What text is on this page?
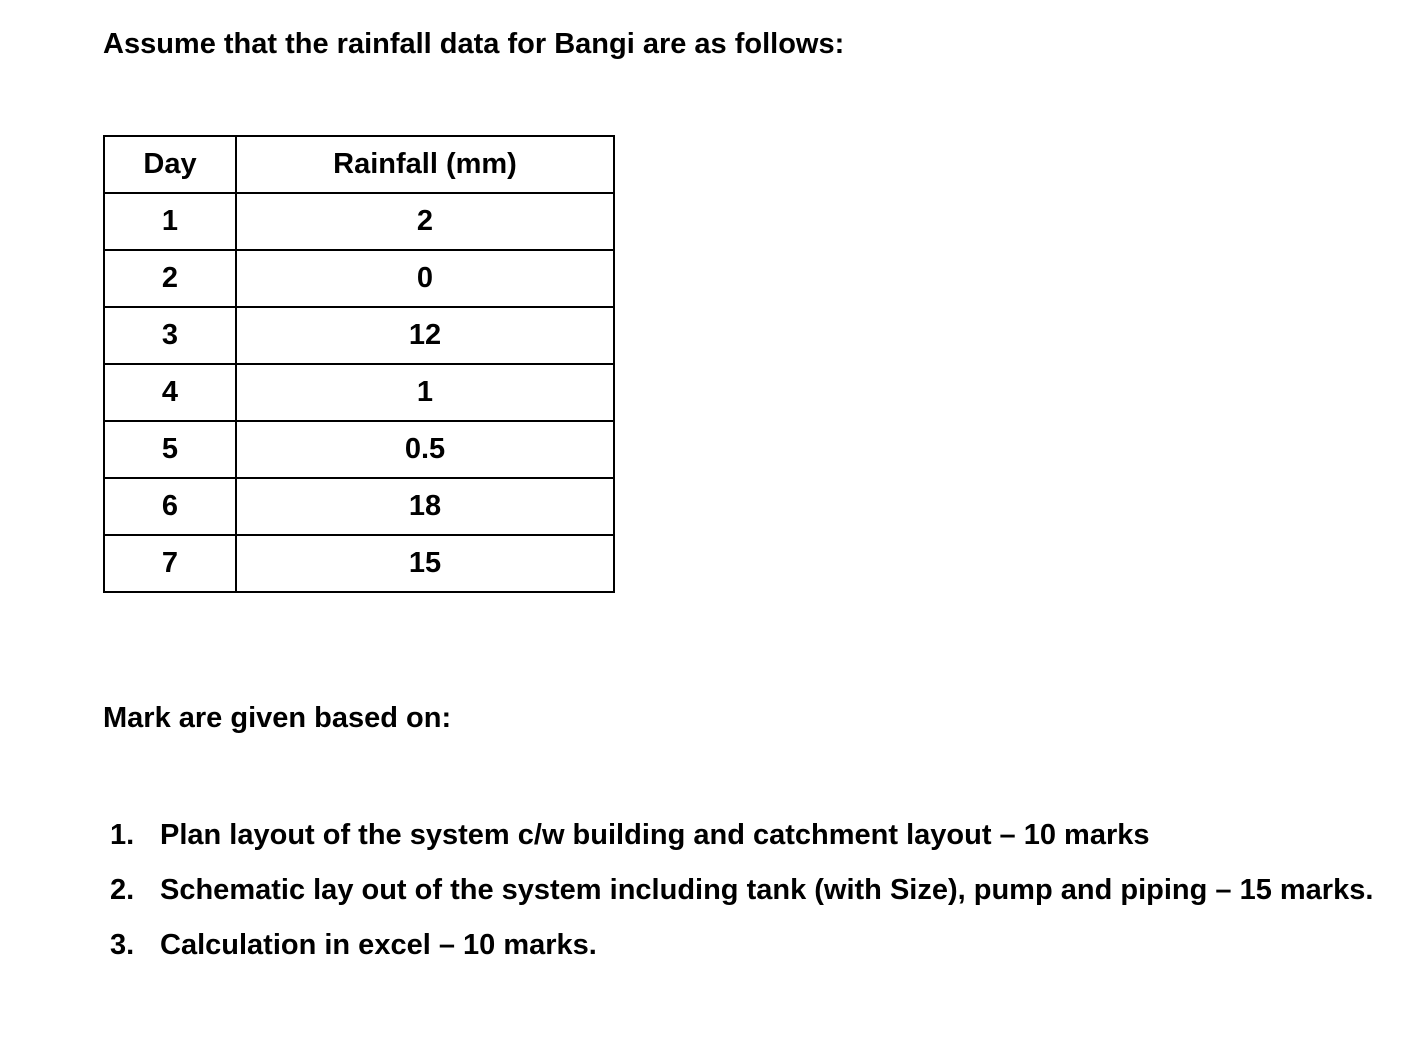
Assume that the rainfall data for Bangi are as follows:

Day	Rainfall (mm)
1	2
2	0
3	12
4	1
5	0.5
6	18
7	15

Mark are given based on:

1. Plan layout of the system c/w building and catchment layout – 10 marks
2. Schematic lay out of the system including tank (with Size), pump and piping – 15 marks.
3. Calculation in excel – 10 marks.
